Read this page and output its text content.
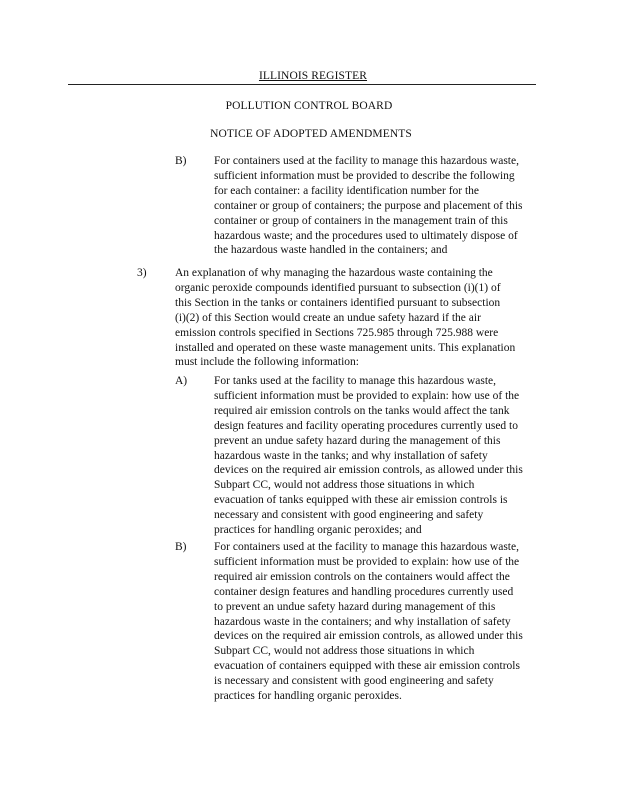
ILLINOIS REGISTER
POLLUTION CONTROL BOARD
NOTICE OF ADOPTED AMENDMENTS
B) For containers used at the facility to manage this hazardous waste,
sufficient information must be provided to describe the following
for each container: a facility identification number for the
container or group of containers; the purpose and placement of this
container or group of containers in the management train of this
hazardous waste; and the procedures used to ultimately dispose of
the hazardous waste handled in the containers; and
3) An explanation of why managing the hazardous waste containing the
organic peroxide compounds identified pursuant to subsection (i)(1) of
this Section in the tanks or containers identified pursuant to subsection
(i)(2) of this Section would create an undue safety hazard if the air
emission controls specified in Sections 725.985 through 725.988 were
installed and operated on these waste management units. This explanation
must include the following information:
A) For tanks used at the facility to manage this hazardous waste,
sufficient information must be provided to explain: how use of the
required air emission controls on the tanks would affect the tank
design features and facility operating procedures currently used to
prevent an undue safety hazard during the management of this
hazardous waste in the tanks; and why installation of safety
devices on the required air emission controls, as allowed under this
Subpart CC, would not address those situations in which
evacuation of tanks equipped with these air emission controls is
necessary and consistent with good engineering and safety
practices for handling organic peroxides; and
B) For containers used at the facility to manage this hazardous waste,
sufficient information must be provided to explain: how use of the
required air emission controls on the containers would affect the
container design features and handling procedures currently used
to prevent an undue safety hazard during management of this
hazardous waste in the containers; and why installation of safety
devices on the required air emission controls, as allowed under this
Subpart CC, would not address those situations in which
evacuation of containers equipped with these air emission controls
is necessary and consistent with good engineering and safety
practices for handling organic peroxides.
